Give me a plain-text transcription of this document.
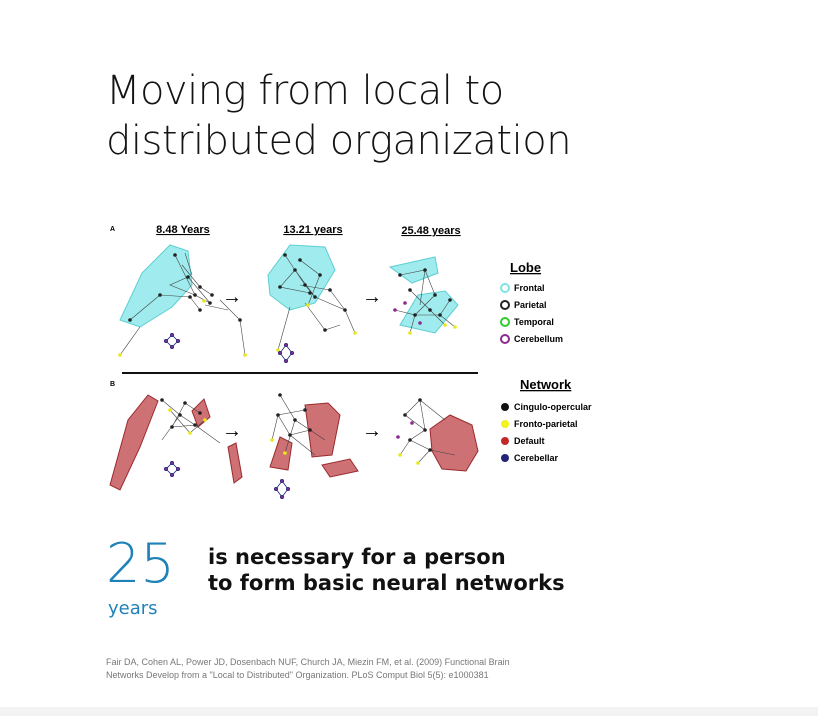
Moving from local to
distributed organization
A
B
8.48 Years	13.21 years	25.48 years
→	→
→	→
Lobe
Frontal
Parietal
Temporal
Cerebellum
Network
Cingulo-opercular
Fronto-parietal
Default
Cerebellar
25
years
is necessary for a person
to form basic neural networks
Fair DA, Cohen AL, Power JD, Dosenbach NUF, Church JA, Miezin FM, et al. (2009) Functional Brain
Networks Develop from a "Local to Distributed" Organization. PLoS Comput Biol 5(5): e1000381
